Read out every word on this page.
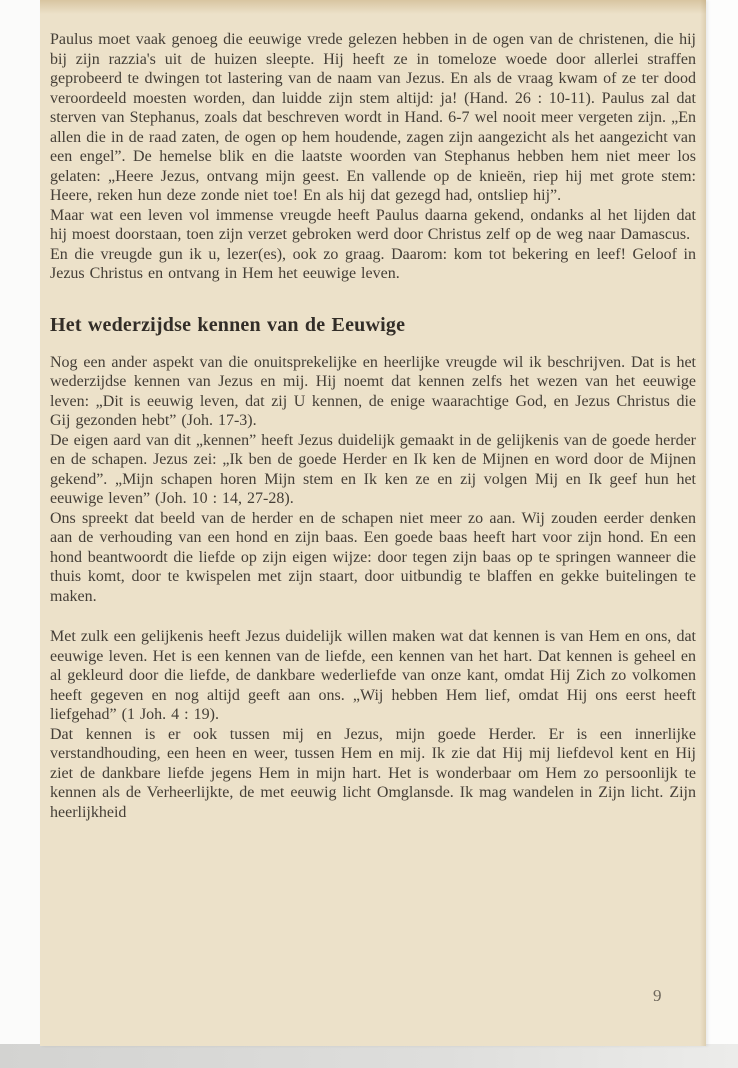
Paulus moet vaak genoeg die eeuwige vrede gelezen hebben in de ogen van de christenen, die hij bij zijn razzia's uit de huizen sleepte. Hij heeft ze in tomeloze woede door allerlei straffen geprobeerd te dwingen tot lastering van de naam van Jezus. En als de vraag kwam of ze ter dood veroordeeld moesten worden, dan luidde zijn stem altijd: ja! (Hand. 26 : 10-11). Paulus zal dat sterven van Stephanus, zoals dat beschreven wordt in Hand. 6-7 wel nooit meer vergeten zijn. „En allen die in de raad zaten, de ogen op hem houdende, zagen zijn aangezicht als het aangezicht van een engel”. De hemelse blik en die laatste woorden van Stephanus hebben hem niet meer los gelaten: „Heere Jezus, ontvang mijn geest. En vallende op de knieën, riep hij met grote stem: Heere, reken hun deze zonde niet toe! En als hij dat gezegd had, ontsliep hij”.

Maar wat een leven vol immense vreugde heeft Paulus daarna gekend, ondanks al het lijden dat hij moest doorstaan, toen zijn verzet gebroken werd door Christus zelf op de weg naar Damascus.

En die vreugde gun ik u, lezer(es), ook zo graag. Daarom: kom tot bekering en leef! Geloof in Jezus Christus en ontvang in Hem het eeuwige leven.

Het wederzijdse kennen van de Eeuwige

Nog een ander aspekt van die onuitsprekelijke en heerlijke vreugde wil ik beschrijven. Dat is het wederzijdse kennen van Jezus en mij. Hij noemt dat kennen zelfs het wezen van het eeuwige leven: „Dit is eeuwig leven, dat zij U kennen, de enige waarachtige God, en Jezus Christus die Gij gezonden hebt” (Joh. 17-3).

De eigen aard van dit „kennen” heeft Jezus duidelijk gemaakt in de gelijkenis van de goede herder en de schapen. Jezus zei: „Ik ben de goede Herder en Ik ken de Mijnen en word door de Mijnen gekend”. „Mijn schapen horen Mijn stem en Ik ken ze en zij volgen Mij en Ik geef hun het eeuwige leven” (Joh. 10 : 14, 27-28).

Ons spreekt dat beeld van de herder en de schapen niet meer zo aan. Wij zouden eerder denken aan de verhouding van een hond en zijn baas. Een goede baas heeft hart voor zijn hond. En een hond beantwoordt die liefde op zijn eigen wijze: door tegen zijn baas op te springen wanneer die thuis komt, door te kwispelen met zijn staart, door uitbundig te blaffen en gekke buitelingen te maken.

Met zulk een gelijkenis heeft Jezus duidelijk willen maken wat dat kennen is van Hem en ons, dat eeuwige leven. Het is een kennen van de liefde, een kennen van het hart. Dat kennen is geheel en al gekleurd door die liefde, de dankbare wederliefde van onze kant, omdat Hij Zich zo volkomen heeft gegeven en nog altijd geeft aan ons. „Wij hebben Hem lief, omdat Hij ons eerst heeft liefgehad” (1 Joh. 4 : 19).

Dat kennen is er ook tussen mij en Jezus, mijn goede Herder. Er is een innerlijke verstandhouding, een heen en weer, tussen Hem en mij. Ik zie dat Hij mij liefdevol kent en Hij ziet de dankbare liefde jegens Hem in mijn hart. Het is wonderbaar om Hem zo persoonlijk te kennen als de Verheerlijkte, de met eeuwig licht Omglansde. Ik mag wandelen in Zijn licht. Zijn heerlijkheid

9
